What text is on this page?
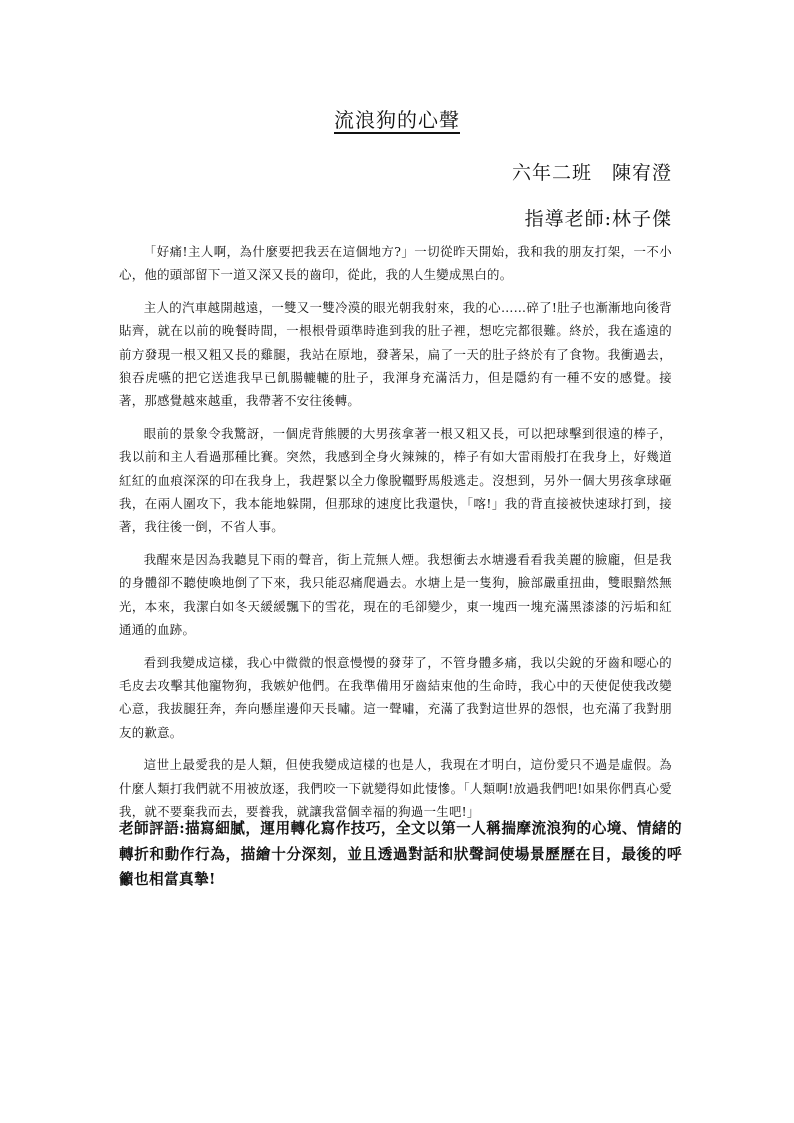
流浪狗的心聲
六年二班　陳宥澄
指導老師:林子傑

「好痛!主人啊，為什麼要把我丟在這個地方?」一切從昨天開始，我和我的朋友打架，一不小心，他的頭部留下一道又深又長的齒印，從此，我的人生變成黑白的。

主人的汽車越開越遠，一雙又一雙冷漠的眼光朝我射來，我的心……碎了!肚子也漸漸地向後背貼齊，就在以前的晚餐時間，一根根骨頭準時進到我的肚子裡，想吃完都很難。終於，我在遙遠的前方發現一根又粗又長的雞腿，我站在原地，發著呆，扁了一天的肚子終於有了食物。我衝過去，狼吞虎嚥的把它送進我早已飢腸轆轆的肚子，我渾身充滿活力，但是隱約有一種不安的感覺。接著，那感覺越來越重，我帶著不安往後轉。

眼前的景象令我驚訝，一個虎背熊腰的大男孩拿著一根又粗又長，可以把球擊到很遠的棒子，我以前和主人看過那種比賽。突然，我感到全身火辣辣的，棒子有如大雷雨般打在我身上，好幾道紅紅的血痕深深的印在我身上，我趕緊以全力像脫韁野馬般逃走。沒想到，另外一個大男孩拿球砸我，在兩人圍攻下，我本能地躲開，但那球的速度比我還快，「喀!」我的背直接被快速球打到，接著，我往後一倒，不省人事。

我醒來是因為我聽見下雨的聲音，街上荒無人煙。我想衝去水塘邊看看我美麗的臉龐，但是我的身體卻不聽使喚地倒了下來，我只能忍痛爬過去。水塘上是一隻狗，臉部嚴重扭曲，雙眼黯然無光，本來，我潔白如冬天緩緩飄下的雪花，現在的毛卻變少，東一塊西一塊充滿黑漆漆的污垢和紅通通的血跡。

看到我變成這樣，我心中微微的恨意慢慢的發芽了，不管身體多痛，我以尖銳的牙齒和噁心的毛皮去攻擊其他寵物狗，我嫉妒他們。在我準備用牙齒結束他的生命時，我心中的天使促使我改變心意，我拔腿狂奔，奔向懸崖邊仰天長嘯。這一聲嘯，充滿了我對這世界的怨恨，也充滿了我對朋友的歉意。

這世上最愛我的是人類，但使我變成這樣的也是人，我現在才明白，這份愛只不過是虛假。為什麼人類打我們就不用被放逐，我們咬一下就變得如此悽慘。「人類啊!放過我們吧!如果你們真心愛我，就不要棄我而去，要養我，就讓我當個幸福的狗過一生吧!」

老師評語:描寫細膩，運用轉化寫作技巧，全文以第一人稱揣摩流浪狗的心境、情緒的轉折和動作行為，描繪十分深刻，並且透過對話和狀聲詞使場景歷歷在目，最後的呼籲也相當真摯!
